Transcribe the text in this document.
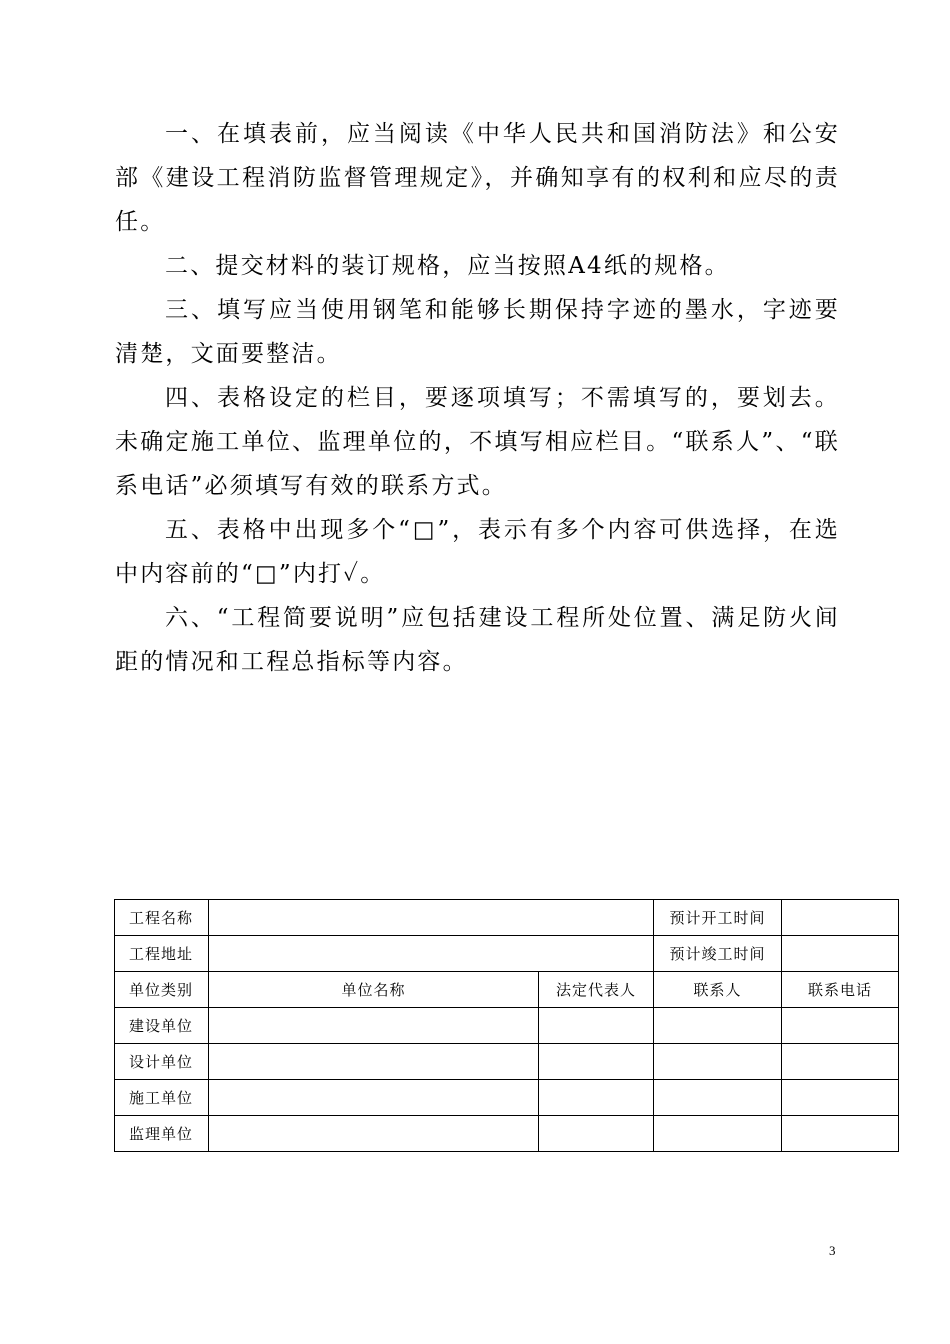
一、在填表前，应当阅读《中华人民共和国消防法》和公安部《建设工程消防监督管理规定》，并确知享有的权利和应尽的责任。

二、提交材料的装订规格，应当按照A4纸的规格。

三、填写应当使用钢笔和能够长期保持字迹的墨水，字迹要清楚，文面要整洁。

四、表格设定的栏目，要逐项填写；不需填写的，要划去。未确定施工单位、监理单位的，不填写相应栏目。“联系人”、“联系电话”必须填写有效的联系方式。

五、表格中出现多个“□”，表示有多个内容可供选择，在选中内容前的“□”内打✓。

六、“工程简要说明”应包括建设工程所处位置、满足防火间距的情况和工程总指标等内容。

工程名称			预计开工时间	
工程地址			预计竣工时间	
单位类别	单位名称	法定代表人	联系人	联系电话
建设单位				
设计单位				
施工单位				
监理单位				
3
